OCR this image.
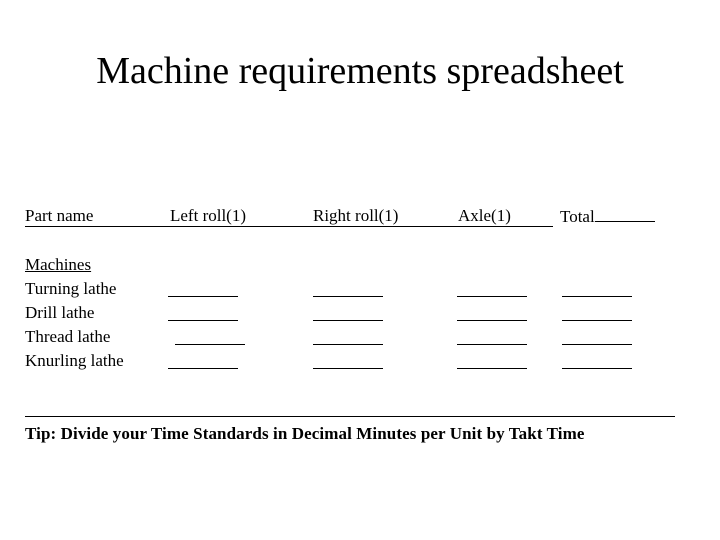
Machine requirements spreadsheet
Part name	Left roll(1)	Right roll(1)	Axle(1)	Total
Machines
Turning lathe
Drill lathe
Thread lathe
Knurling lathe
Tip: Divide your Time Standards in Decimal Minutes per Unit by Takt Time
